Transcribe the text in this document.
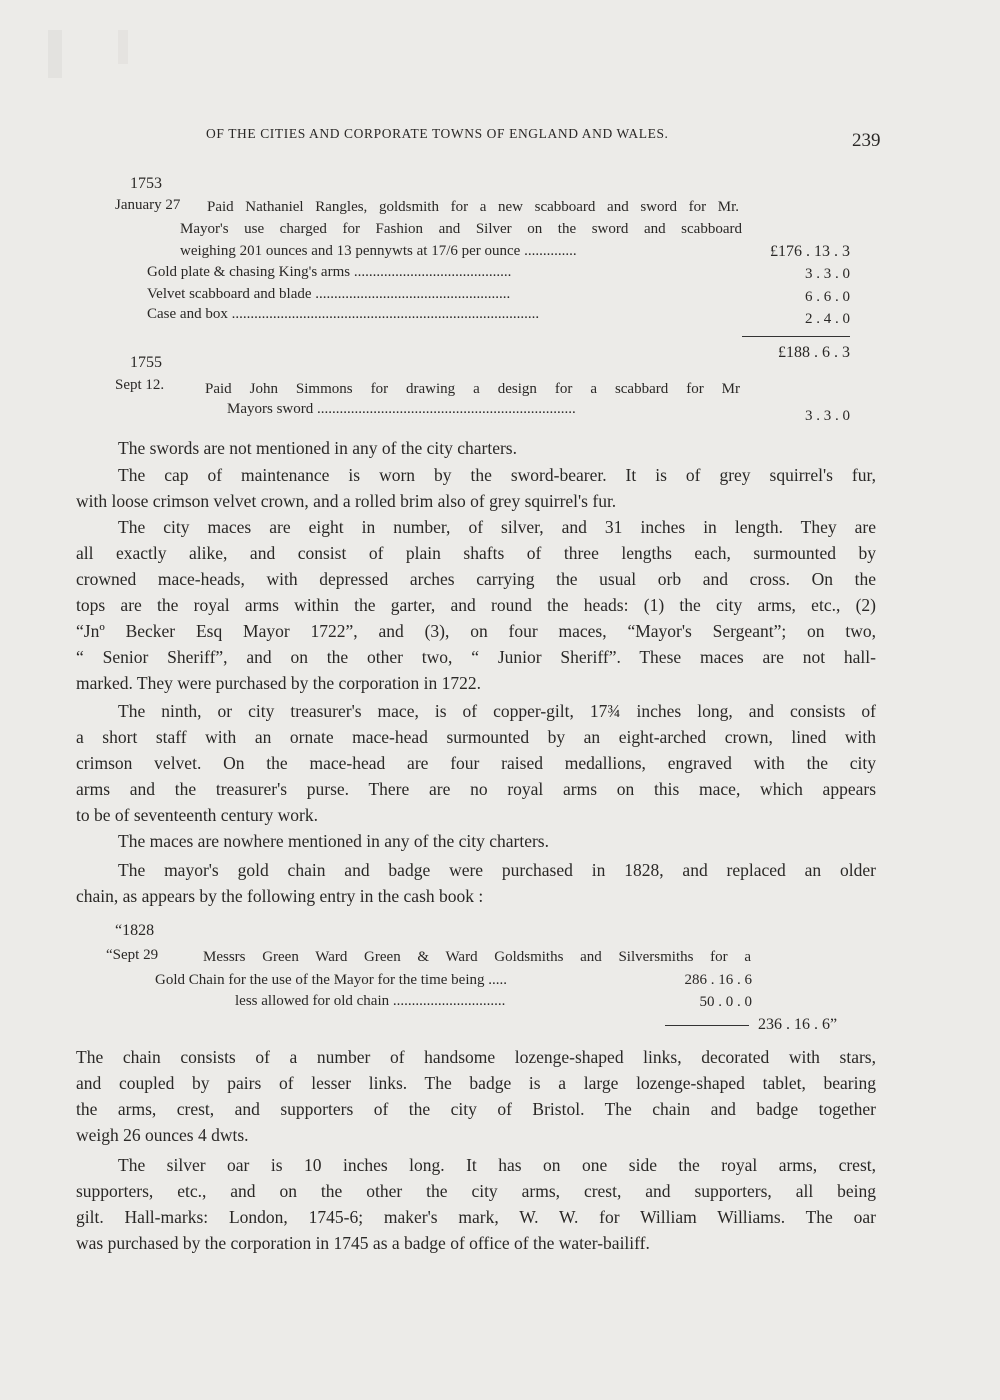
OF THE CITIES AND CORPORATE TOWNS OF ENGLAND AND WALES.	239
1753
January 27 Paid Nathaniel Rangles, goldsmith for a new scabboard and sword for Mr.
Mayor's use charged for Fashion and Silver on the sword and scabboard
weighing 201 ounces and 13 pennywts at 17/6 per ounce ..............	£176 . 13 . 3
Gold plate & chasing King's arms ..........................................	3 . 3 . 0
Velvet scabboard and blade ....................................................	6 . 6 . 0
Case and box ..................................................................................	2 . 4 . 0
£188 . 6 . 3
1755
Sept 12.	Paid John Simmons for drawing a design for a scabbard for Mr
Mayors sword .....................................................................	3 . 3 . 0
The swords are not mentioned in any of the city charters.
The cap of maintenance is worn by the sword-bearer. It is of grey squirrel's fur,
with loose crimson velvet crown, and a rolled brim also of grey squirrel's fur.
The city maces are eight in number, of silver, and 31 inches in length. They are
all exactly alike, and consist of plain shafts of three lengths each, surmounted by
crowned mace-heads, with depressed arches carrying the usual orb and cross. On the
tops are the royal arms within the garter, and round the heads: (1) the city arms, etc., (2)
“Jnº Becker Esq Mayor 1722”, and (3), on four maces, “Mayor's Sergeant”; on two,
“ Senior Sheriff”, and on the other two, “ Junior Sheriff”. These maces are not hall-
marked. They were purchased by the corporation in 1722.
The ninth, or city treasurer's mace, is of copper-gilt, 17¾ inches long, and consists of
a short staff with an ornate mace-head surmounted by an eight-arched crown, lined with
crimson velvet. On the mace-head are four raised medallions, engraved with the city
arms and the treasurer's purse. There are no royal arms on this mace, which appears
to be of seventeenth century work.
The maces are nowhere mentioned in any of the city charters.
The mayor's gold chain and badge were purchased in 1828, and replaced an older
chain, as appears by the following entry in the cash book :
“1828
“Sept 29	Messrs Green Ward Green & Ward Goldsmiths and Silversmiths for a
Gold Chain for the use of the Mayor for the time being .....	286 . 16 . 6
less allowed for old chain ..............................	50 . 0 . 0
236 . 16 . 6”
The chain consists of a number of handsome lozenge-shaped links, decorated with stars,
and coupled by pairs of lesser links. The badge is a large lozenge-shaped tablet, bearing
the arms, crest, and supporters of the city of Bristol. The chain and badge together
weigh 26 ounces 4 dwts.
The silver oar is 10 inches long. It has on one side the royal arms, crest,
supporters, etc., and on the other the city arms, crest, and supporters, all being
gilt. Hall-marks: London, 1745-6; maker's mark, W. W. for William Williams. The oar
was purchased by the corporation in 1745 as a badge of office of the water-bailiff.
